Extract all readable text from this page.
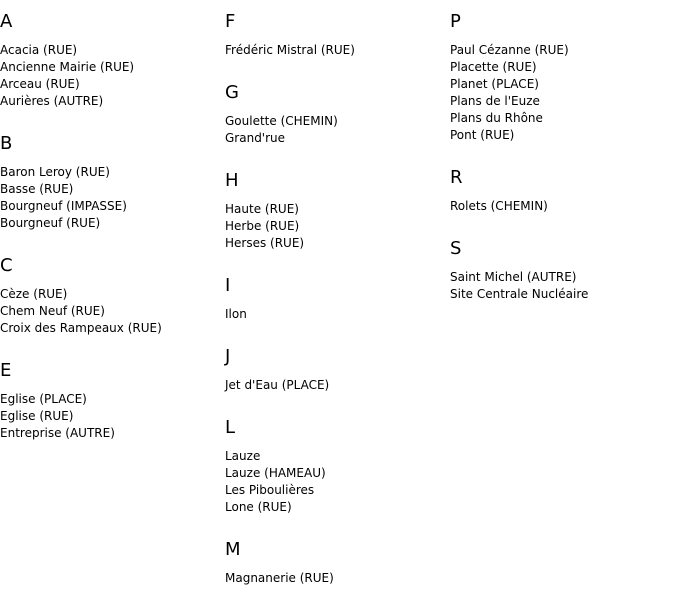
A
Acacia (RUE)
Ancienne Mairie (RUE)
Arceau (RUE)
Aurières (AUTRE)
B
Baron Leroy (RUE)
Basse (RUE)
Bourgneuf (IMPASSE)
Bourgneuf (RUE)
C
Cèze (RUE)
Chem Neuf (RUE)
Croix des Rampeaux (RUE)
E
Eglise (PLACE)
Eglise (RUE)
Entreprise (AUTRE)
F
Frédéric Mistral (RUE)
G
Goulette (CHEMIN)
Grand'rue
H
Haute (RUE)
Herbe (RUE)
Herses (RUE)
I
Ilon
J
Jet d'Eau (PLACE)
L
Lauze
Lauze (HAMEAU)
Les Piboulières
Lone (RUE)
M
Magnanerie (RUE)
P
Paul Cézanne (RUE)
Placette (RUE)
Planet (PLACE)
Plans de l'Euze
Plans du Rhône
Pont (RUE)
R
Rolets (CHEMIN)
S
Saint Michel (AUTRE)
Site Centrale Nucléaire
